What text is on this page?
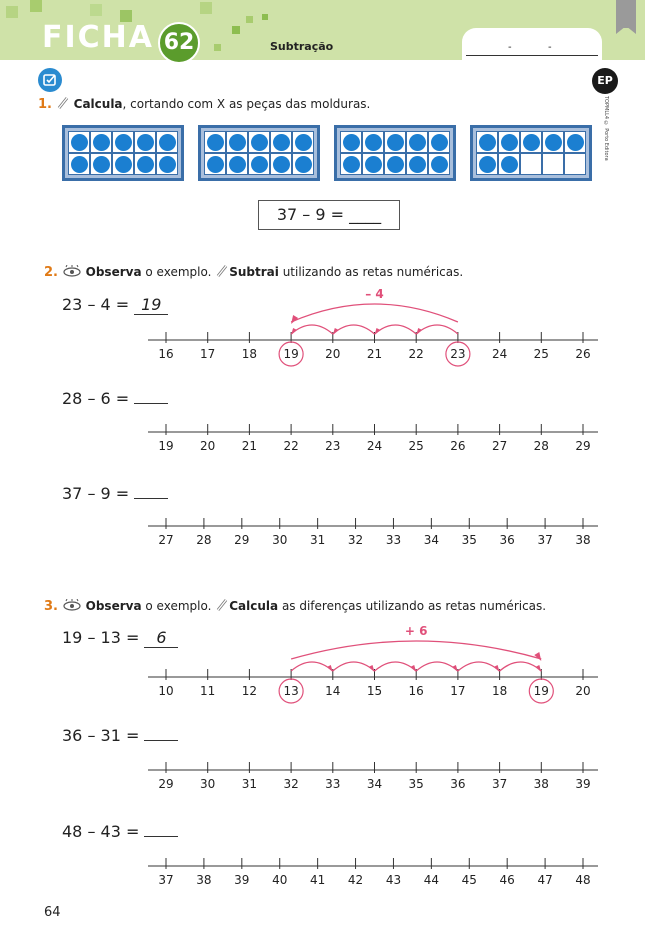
FICHA 62	Subtração	-	-
EP
TOPMLL4 © Porto Editora
1. Calcula, cortando com X as peças das molduras.
37 – 9 = ____
2. Observa o exemplo. Subtrai utilizando as retas numéricas.
23 – 4 = 19
28 – 6 =
37 – 9 =
3. Observa o exemplo. Calcula as diferenças utilizando as retas numéricas.
19 – 13 = 6
36 – 31 =
48 – 43 =
16 17 18 19 20 21 22 23 24 25 26
– 4
19 20 21 22 23 24 25 26 27 28 29
27 28 29 30 31 32 33 34 35 36 37 38
10 11 12 13 14 15 16 17 18 19 20
+ 6
29 30 31 32 33 34 35 36 37 38 39
37 38 39 40 41 42 43 44 45 46 47 48
64
